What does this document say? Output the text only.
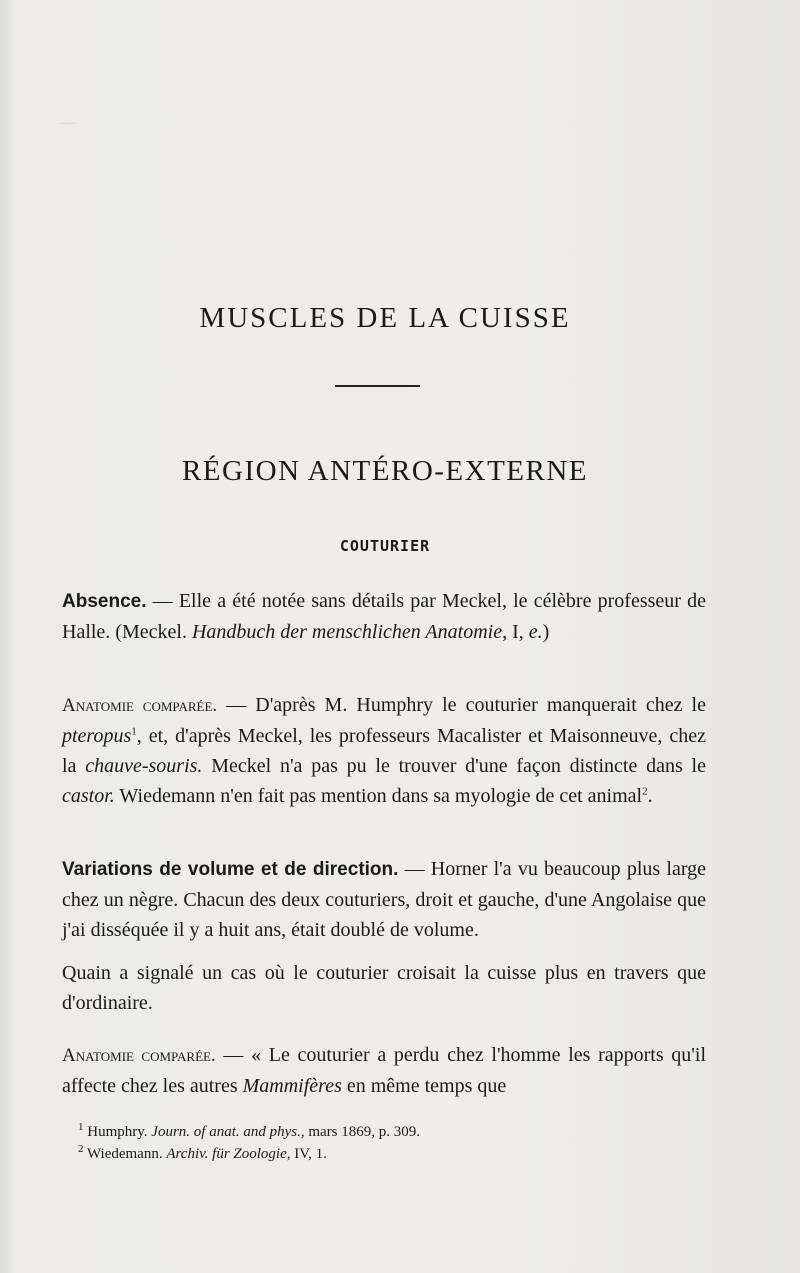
—
MUSCLES DE LA CUISSE
RÉGION ANTÉRO-EXTERNE
COUTURIER
Absence. — Elle a été notée sans détails par Meckel, le célèbre professeur de Halle. (Meckel. Handbuch der menschlichen Anatomie, I, e.)
Anatomie comparée. — D'après M. Humphry le couturier manquerait chez le pteropus$^1$, et, d'après Meckel, les professeurs Macalister et Maisonneuve, chez la chauve-souris. Meckel n'a pas pu le trouver d'une façon distincte dans le castor. Wiedemann n'en fait pas mention dans sa myologie de cet animal$^2$.
Variations de volume et de direction. — Horner l'a vu beaucoup plus large chez un nègre. Chacun des deux couturiers, droit et gauche, d'une Angolaise que j'ai disséquée il y a huit ans, était doublé de volume.
Quain a signalé un cas où le couturier croisait la cuisse plus en travers que d'ordinaire.
Anatomie comparée. — « Le couturier a perdu chez l'homme les rapports qu'il affecte chez les autres Mammifères en même temps que
$^1$ Humphry. Journ. of anat. and phys., mars 1869, p. 309.
$^2$ Wiedemann. Archiv. für Zoologie, IV, 1.
